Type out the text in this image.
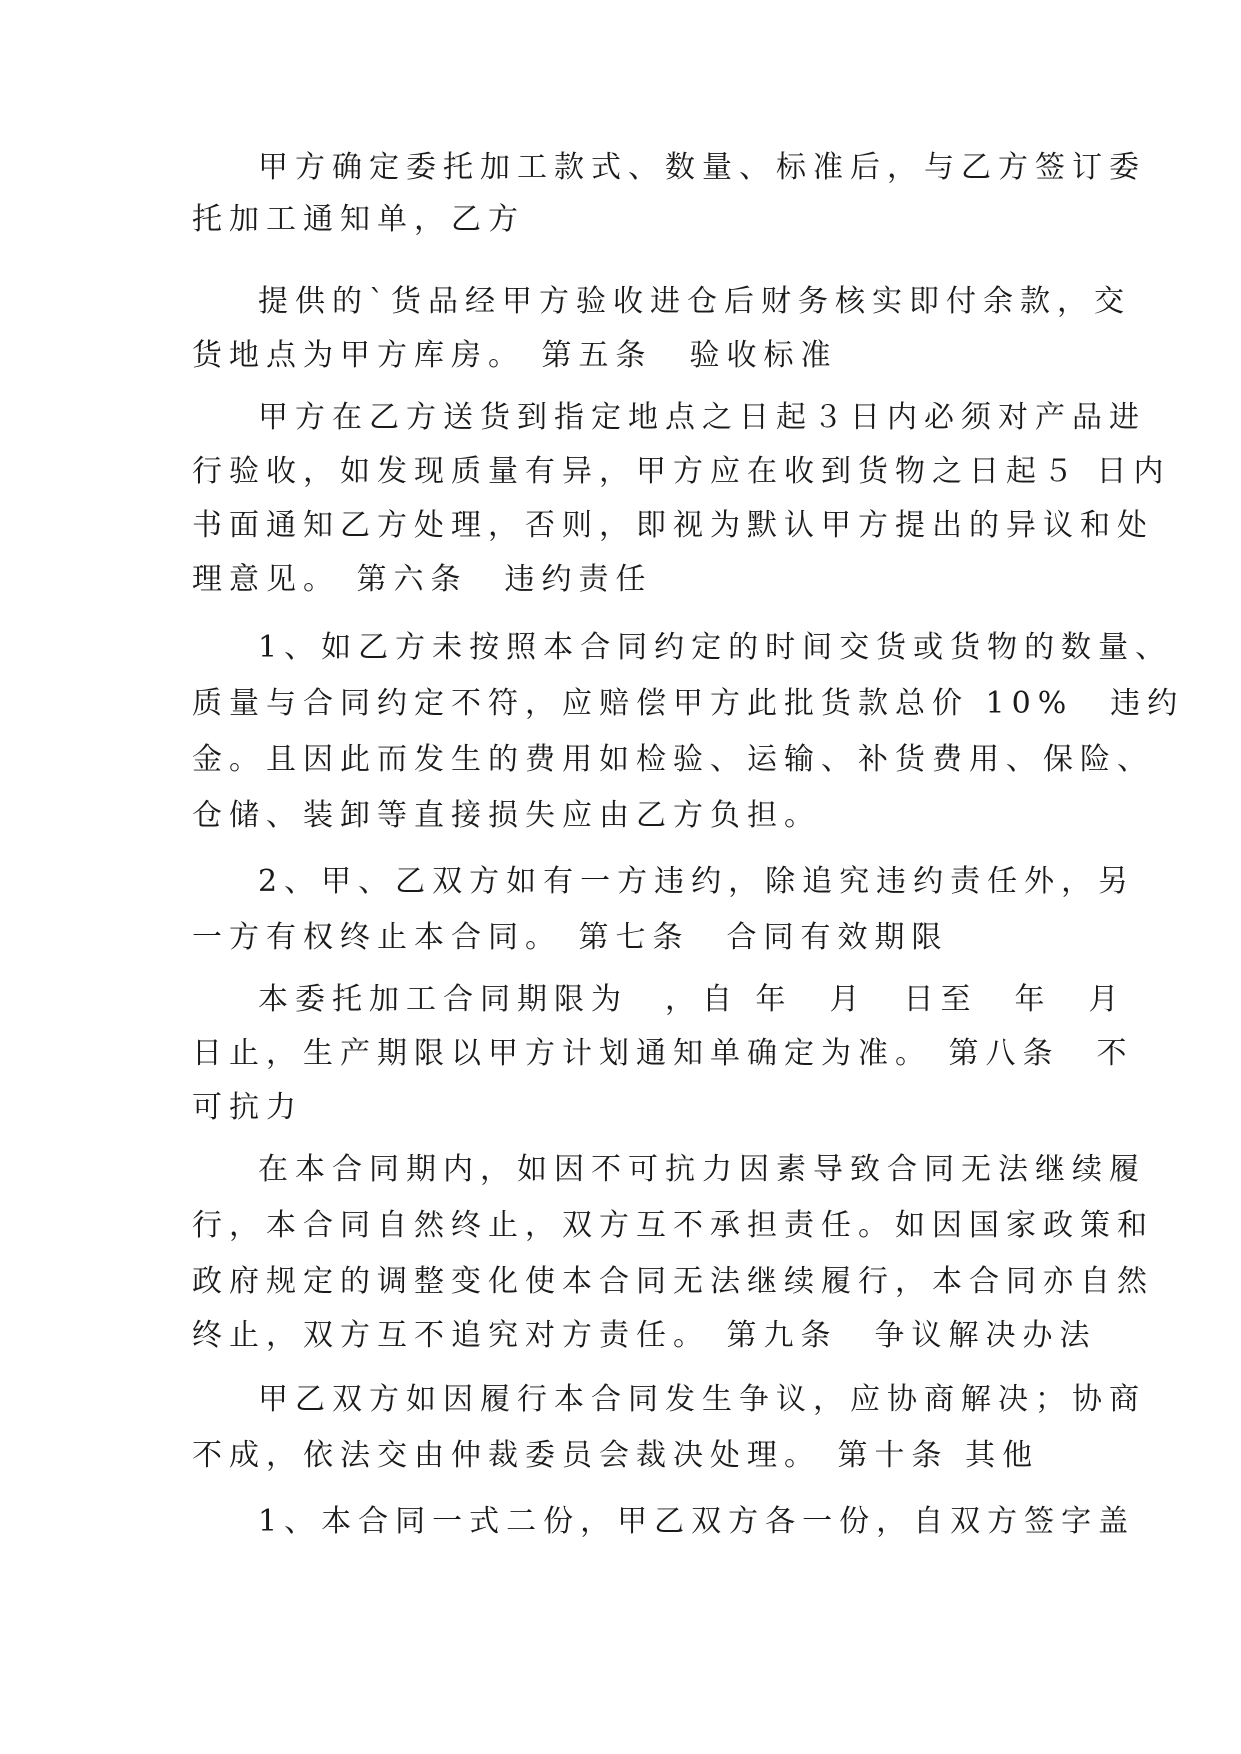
甲方确定委托加工款式、数量、标准后，与乙方签订委
托加工通知单，乙方
提供的`货品经甲方验收进仓后财务核实即付余款，交
货地点为甲方库房。 第五条　验收标准
甲方在乙方送货到指定地点之日起３日内必须对产品进
行验收，如发现质量有异，甲方应在收到货物之日起５ 日内
书面通知乙方处理，否则，即视为默认甲方提出的异议和处
理意见。 第六条　违约责任
1、如乙方未按照本合同约定的时间交货或货物的数量、
质量与合同约定不符，应赔偿甲方此批货款总价 10%　违约
金。且因此而发生的费用如检验、运输、补货费用、保险、
仓储、装卸等直接损失应由乙方负担。
2、甲、乙双方如有一方违约，除追究违约责任外，另
一方有权终止本合同。 第七条　合同有效期限
本委托加工合同期限为　，自 年　月　日至　年　月
日止，生产期限以甲方计划通知单确定为准。 第八条　不
可抗力
在本合同期内，如因不可抗力因素导致合同无法继续履
行，本合同自然终止，双方互不承担责任。如因国家政策和
政府规定的调整变化使本合同无法继续履行，本合同亦自然
终止，双方互不追究对方责任。 第九条　争议解决办法
甲乙双方如因履行本合同发生争议，应协商解决；协商
不成，依法交由仲裁委员会裁决处理。 第十条 其他
1、本合同一式二份，甲乙双方各一份，自双方签字盖
